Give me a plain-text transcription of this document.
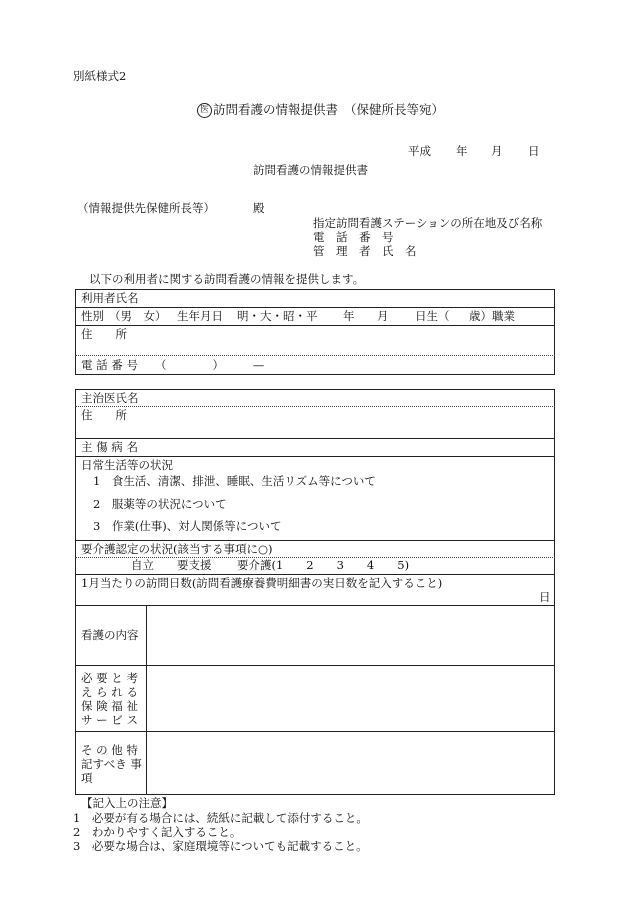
別紙様式2
医 訪問看護の情報提供書 （保健所長等宛）
平成 年 月 日
訪問看護の情報提供書
（情報提供先保健所長等）	殿
指定訪問看護ステーションの所在地及び名称
電　話　番　号
管　理　者　氏　名
以下の利用者に関する訪問看護の情報を提供します。
利用者氏名
性別 （男　女） 生年月日 明・大・昭・平 年 月 日生（ 歳）職業
住　　所
電 話 番 号 （　　　　）　　　—
主治医氏名
住　　所
主 傷 病 名
日常生活等の状況
1　食生活、清潔、排泄、睡眠、生活リズム等について
2　服薬等の状況について
3　作業(仕事)、対人関係等について
要介護認定の状況(該当する事項に○)
自立 要支援 要介護(1　　2　　3　　4　　5)
1月当たりの訪問日数(訪問看護療養費明細書の実日数を記入すること)
日
看護の内容
必 要 と 考 え ら れ る 保 険 福 祉 サ ー ビ ス
そ の 他 特記すべき 事　　項
【記入上の注意】
1　必要が有る場合には、続紙に記載して添付すること。
2　わかりやすく記入すること。
3　必要な場合は、家庭環境等についても記載すること。
